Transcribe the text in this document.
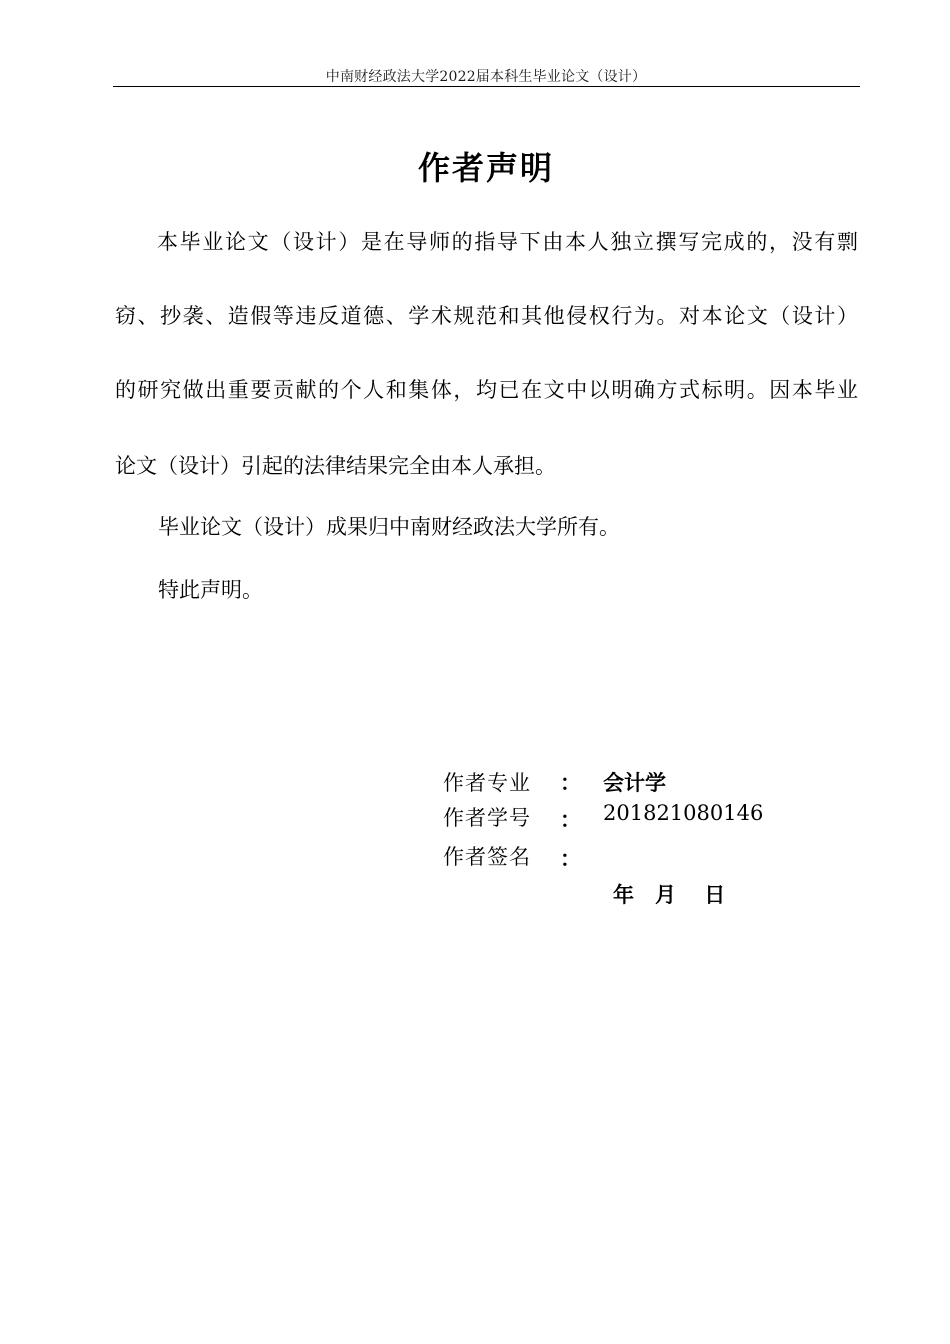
中南财经政法大学2022届本科生毕业论文（设计）
作者声明
本毕业论文（设计）是在导师的指导下由本人独立撰写完成的，没有剽
窃、抄袭、造假等违反道德、学术规范和其他侵权行为。对本论文（设计）
的研究做出重要贡献的个人和集体，均已在文中以明确方式标明。因本毕业
论文（设计）引起的法律结果完全由本人承担。
毕业论文（设计）成果归中南财经政法大学所有。
特此声明。
作者专业 ： 会计学
作者学号 ： 201821080146
作者签名 ：
年　月　 日
